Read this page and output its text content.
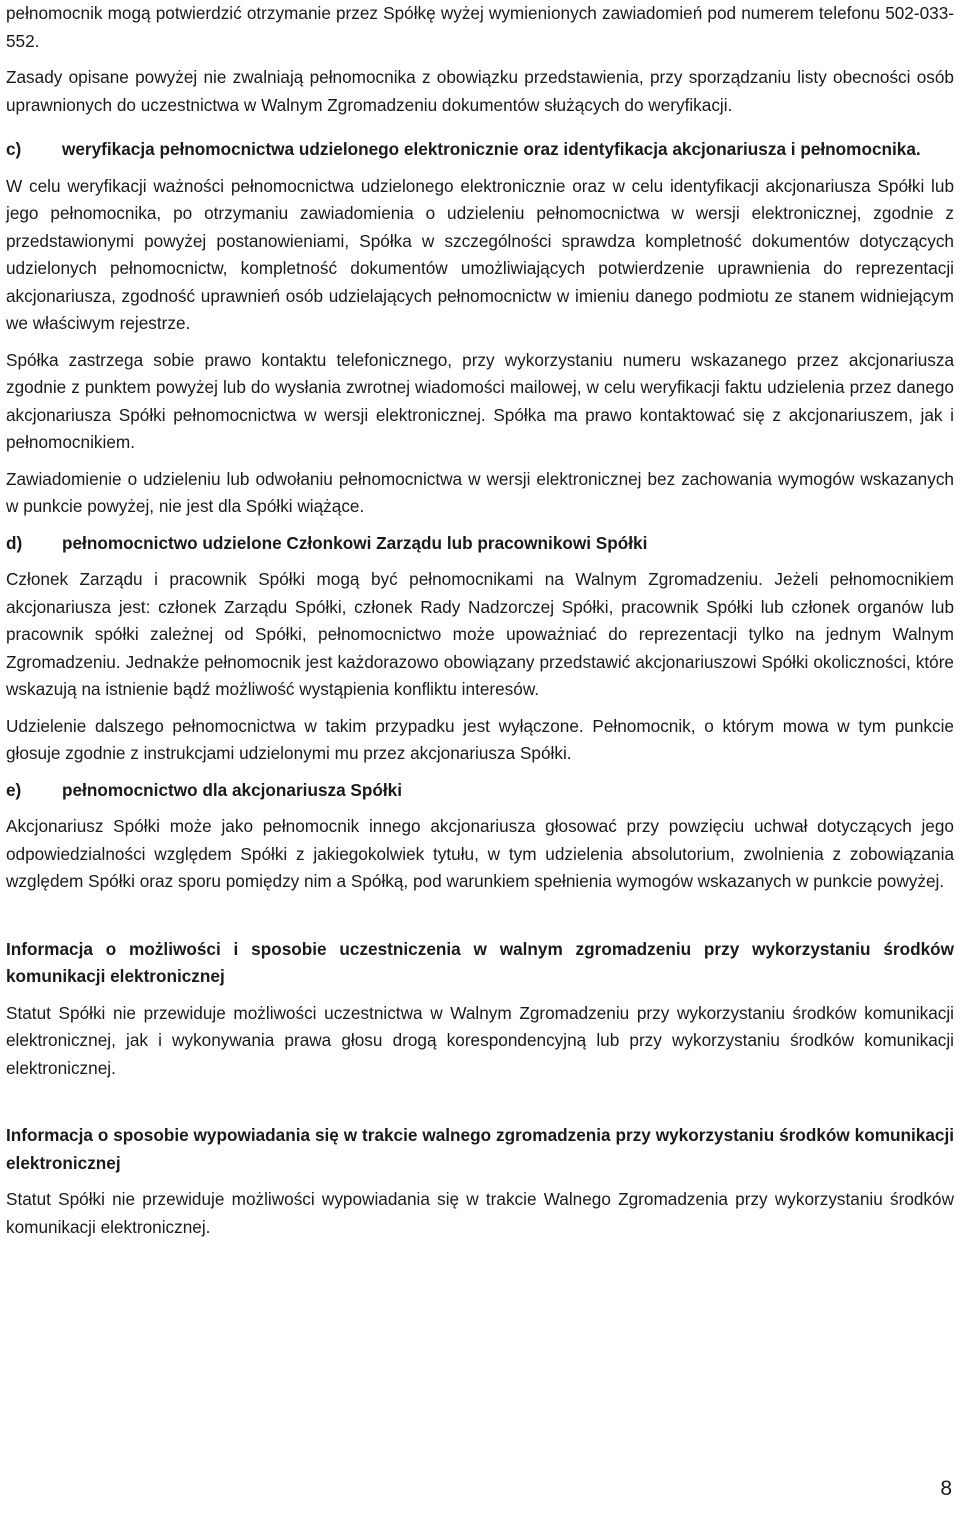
pełnomocnik mogą potwierdzić otrzymanie przez Spółkę wyżej wymienionych zawiadomień pod numerem telefonu 502-033-552.

Zasady opisane powyżej nie zwalniają pełnomocnika z obowiązku przedstawienia, przy sporządzaniu listy obecności osób uprawnionych do uczestnictwa w Walnym Zgromadzeniu dokumentów służących do weryfikacji.

c)	weryfikacja pełnomocnictwa udzielonego elektronicznie oraz identyfikacja akcjonariusza i pełnomocnika.

W celu weryfikacji ważności pełnomocnictwa udzielonego elektronicznie oraz w celu identyfikacji akcjonariusza Spółki lub jego pełnomocnika, po otrzymaniu zawiadomienia o udzieleniu pełnomocnictwa w wersji elektronicznej, zgodnie z przedstawionymi powyżej postanowieniami, Spółka w szczególności sprawdza kompletność dokumentów dotyczących udzielonych pełnomocnictw, kompletność dokumentów umożliwiających potwierdzenie uprawnienia do reprezentacji akcjonariusza, zgodność uprawnień osób udzielających pełnomocnictw w imieniu danego podmiotu ze stanem widniejącym we właściwym rejestrze.

Spółka zastrzega sobie prawo kontaktu telefonicznego, przy wykorzystaniu numeru wskazanego przez akcjonariusza zgodnie z punktem powyżej lub do wysłania zwrotnej wiadomości mailowej, w celu weryfikacji faktu udzielenia przez danego akcjonariusza Spółki pełnomocnictwa w wersji elektronicznej. Spółka ma prawo kontaktować się z akcjonariuszem, jak i pełnomocnikiem.

Zawiadomienie o udzieleniu lub odwołaniu pełnomocnictwa w wersji elektronicznej bez zachowania wymogów wskazanych w punkcie powyżej, nie jest dla Spółki wiążące.

d)	pełnomocnictwo udzielone Członkowi Zarządu lub pracownikowi Spółki

Członek Zarządu i pracownik Spółki mogą być pełnomocnikami na Walnym Zgromadzeniu. Jeżeli pełnomocnikiem akcjonariusza jest: członek Zarządu Spółki, członek Rady Nadzorczej Spółki, pracownik Spółki lub członek organów lub pracownik spółki zależnej od Spółki, pełnomocnictwo może upoważniać do reprezentacji tylko na jednym Walnym Zgromadzeniu. Jednakże pełnomocnik jest każdorazowo obowiązany przedstawić akcjonariuszowi Spółki okoliczności, które wskazują na istnienie bądź możliwość wystąpienia konfliktu interesów.

Udzielenie dalszego pełnomocnictwa w takim przypadku jest wyłączone. Pełnomocnik, o którym mowa w tym punkcie głosuje zgodnie z instrukcjami udzielonymi mu przez akcjonariusza Spółki.

e)	pełnomocnictwo dla akcjonariusza Spółki

Akcjonariusz Spółki może jako pełnomocnik innego akcjonariusza głosować przy powzięciu uchwał dotyczących jego odpowiedzialności względem Spółki z jakiegokolwiek tytułu, w tym udzielenia absolutorium, zwolnienia z zobowiązania względem Spółki oraz sporu pomiędzy nim a Spółką, pod warunkiem spełnienia wymogów wskazanych w punkcie powyżej.

Informacja o możliwości i sposobie uczestniczenia w walnym zgromadzeniu przy wykorzystaniu środków komunikacji elektronicznej

Statut Spółki nie przewiduje możliwości uczestnictwa w Walnym Zgromadzeniu przy wykorzystaniu środków komunikacji elektronicznej, jak i wykonywania prawa głosu drogą korespondencyjną lub przy wykorzystaniu środków komunikacji elektronicznej.

Informacja o sposobie wypowiadania się w trakcie walnego zgromadzenia przy wykorzystaniu środków komunikacji elektronicznej

Statut Spółki nie przewiduje możliwości wypowiadania się w trakcie Walnego Zgromadzenia przy wykorzystaniu środków komunikacji elektronicznej.

8
